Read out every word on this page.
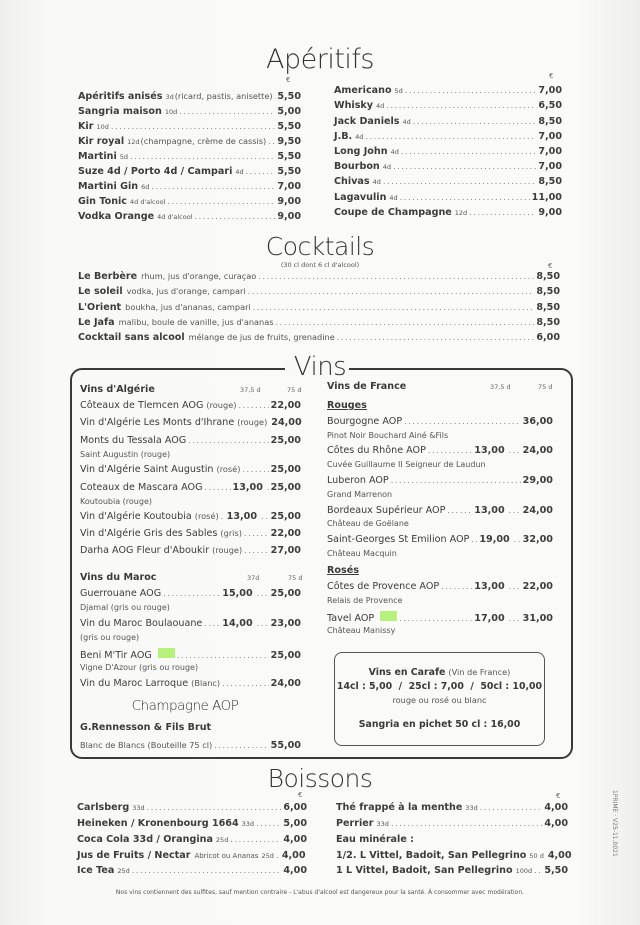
Apéritifs
€	€
Apéritifs anisés 3d (ricard, pastis, anisette) ..... 5,50
Sangria maison 10d .....	5,00
Kir 10d .....	5,50
Kir royal 12d (champagne, crème de cassis) ..... 9,50
Martini 5d .....	5,50
Suze 4d / Porto 4d / Campari 4d .....	5,50
Martini Gin 6d .....	7,00
Gin Tonic 4d d'alcool .....	9,00
Vodka Orange 4d d'alcool .....	9,00
Americano 5d .....	7,00
Whisky 4d .....	6,50
Jack Daniels 4d .....	8,50
J.B. 4d .....	7,00
Long John 4d .....	7,00
Bourbon 4d .....	7,00
Chivas 4d .....	8,50
Lagavulin 4d .....	11,00
Coupe de Champagne 12d .....	9,00
Cocktails
(30 cl dont 6 cl d'alcool)	€
Le Berbère rhum, jus d'orange, curaçao .....	8,50
Le soleil vodka, jus d'orange, campari .....	8,50
L'Orient boukha, jus d'ananas, campari .....	8,50
Le Jafa malibu, boule de vanille, jus d'ananas .....	8,50
Cocktail sans alcool mélange de jus de fruits, grenadine .....	6,00
Vins
Vins d'Algérie	37,5 d	75 d
Côteaux de Tlemcen AOG (rouge) .....	22,00
Vin d'Algérie Les Monts d'Ihrane (rouge) 24,00
Monts du Tessala AOG .....	25,00
Saint Augustin (rouge)
Vin d'Algérie Saint Augustin (rosé) .....	25,00
Coteaux de Mascara AOG .....	13,00 ..... 25,00
Koutoubia (rouge)
Vin d'Algérie Koutoubia (rosé) ..... 13,00 ..... 25,00
Vin d'Algérie Gris des Sables (gris) .....	22,00
Darha AOG Fleur d'Aboukir (rouge) .....	27,00
Vins du Maroc	37d	75 d
Guerrouane AOG .....	15,00 ..... 25,00
Djamal (gris ou rouge)
Vin du Maroc Boulaouane ..... 14,00 ..... 23,00
(gris ou rouge)
Beni M'Tir AOG .....	25,00
Vigne D'Azour (gris ou rouge)
Vin du Maroc Larroque (Blanc) .....	24,00
Champagne AOP
G.Rennesson & Fils Brut
Blanc de Blancs (Bouteille 75 cl) .....	55,00
Vins de France	37,5 d	75 d
Rouges
Bourgogne AOP .....	36,00
Pinot Noir Bouchard Ainé &Fils
Côtes du Rhône AOP .....	13,00 ..... 24,00
Cuvée Guillaume II Seigneur de Laudun
Luberon AOP .....	29,00
Grand Marrenon
Bordeaux Supérieur AOP .....	13,00 ..... 24,00
Château de Goëlane
Saint-Georges St Emilion AOP ..... 19,00 ..... 32,00
Château Macquin
Rosés
Côtes de Provence AOP .....	13,00 ..... 22,00
Relais de Provence
Tavel AOP .....	17,00 ..... 31,00
Château Manissy
Vins en Carafe (Vin de France)
14cl : 5,00  /  25cl : 7,00  /  50cl : 10,00
rouge ou rosé ou blanc
Sangria en pichet 50 cl : 16,00
Boissons
€	€
Carlsberg 33d .....	6,00
Heineken / Kronenbourg 1664 33d .....	5,00
Coca Cola 33d / Orangina 25d .....	4,00
Jus de Fruits / Nectar Abricot ou Ananas 25d ..... 4,00
Ice Tea 25d .....	4,00
Thé frappé à la menthe 33d .....	4,00
Perrier 33d .....	4,00
Eau minérale :
1/2. L Vittel, Badoit, San Pellegrino 50 d 4,00
1 L Vittel, Badoit, San Pellegrino 100d ..... 5,50
Nos vins contiennent des sulfites, sauf mention contraire - L'abus d'alcool est dangereux pour la santé. À consommer avec modération.
1PRIME · V25-11.0021
